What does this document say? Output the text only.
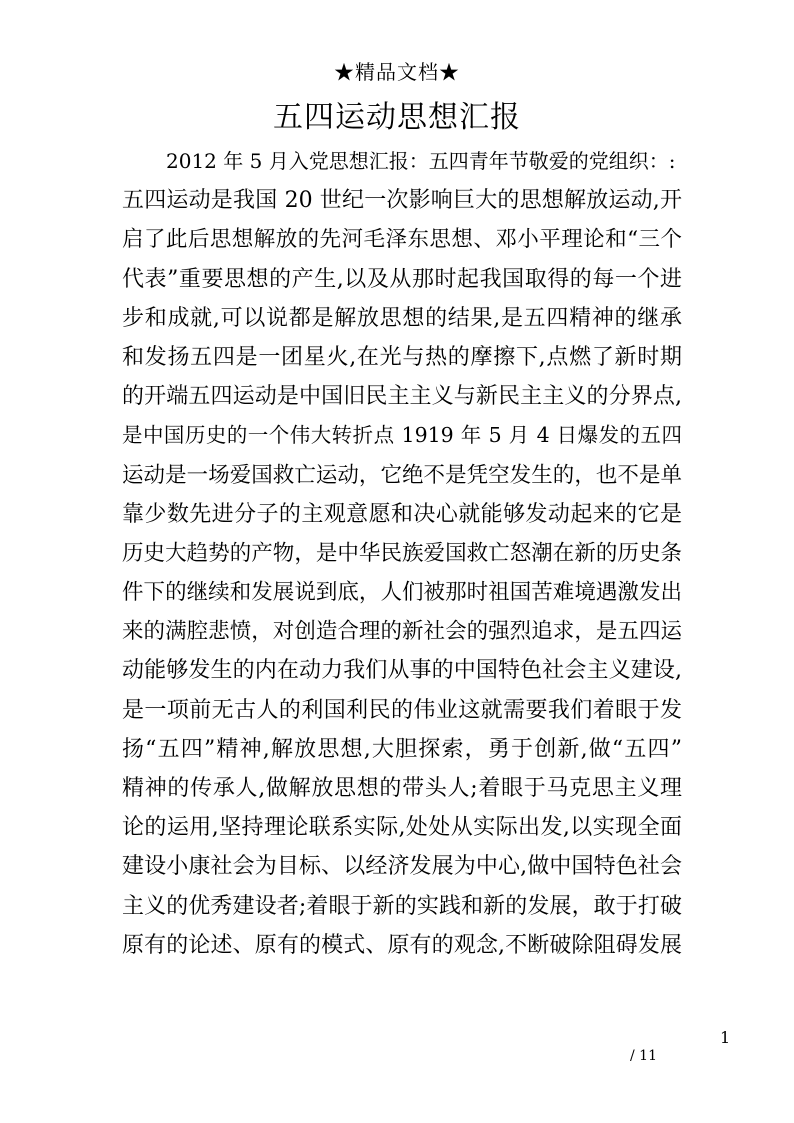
★精品文档★
五四运动思想汇报
2012 年 5 月入党思想汇报：五四青年节敬爱的党组织：:
五四运动是我国 20 世纪一次影响巨大的思想解放运动,开
启了此后思想解放的先河毛泽东思想、邓小平理论和“三个
代表”重要思想的产生,以及从那时起我国取得的每一个进
步和成就,可以说都是解放思想的结果,是五四精神的继承
和发扬五四是一团星火,在光与热的摩擦下,点燃了新时期
的开端五四运动是中国旧民主主义与新民主主义的分界点,
是中国历史的一个伟大转折点 1919 年 5 月 4 日爆发的五四
运动是一场爱国救亡运动，它绝不是凭空发生的，也不是单
靠少数先进分子的主观意愿和决心就能够发动起来的它是
历史大趋势的产物，是中华民族爱国救亡怒潮在新的历史条
件下的继续和发展说到底，人们被那时祖国苦难境遇激发出
来的满腔悲愤，对创造合理的新社会的强烈追求，是五四运
动能够发生的内在动力我们从事的中国特色社会主义建设,
是一项前无古人的利国利民的伟业这就需要我们着眼于发
扬“五四”精神,解放思想,大胆探索，勇于创新,做“五四”
精神的传承人,做解放思想的带头人;着眼于马克思主义理
论的运用,坚持理论联系实际,处处从实际出发,以实现全面
建设小康社会为目标、以经济发展为中心,做中国特色社会
主义的优秀建设者;着眼于新的实践和新的发展，敢于打破
原有的论述、原有的模式、原有的观念,不断破除阻碍发展
1
/ 11
